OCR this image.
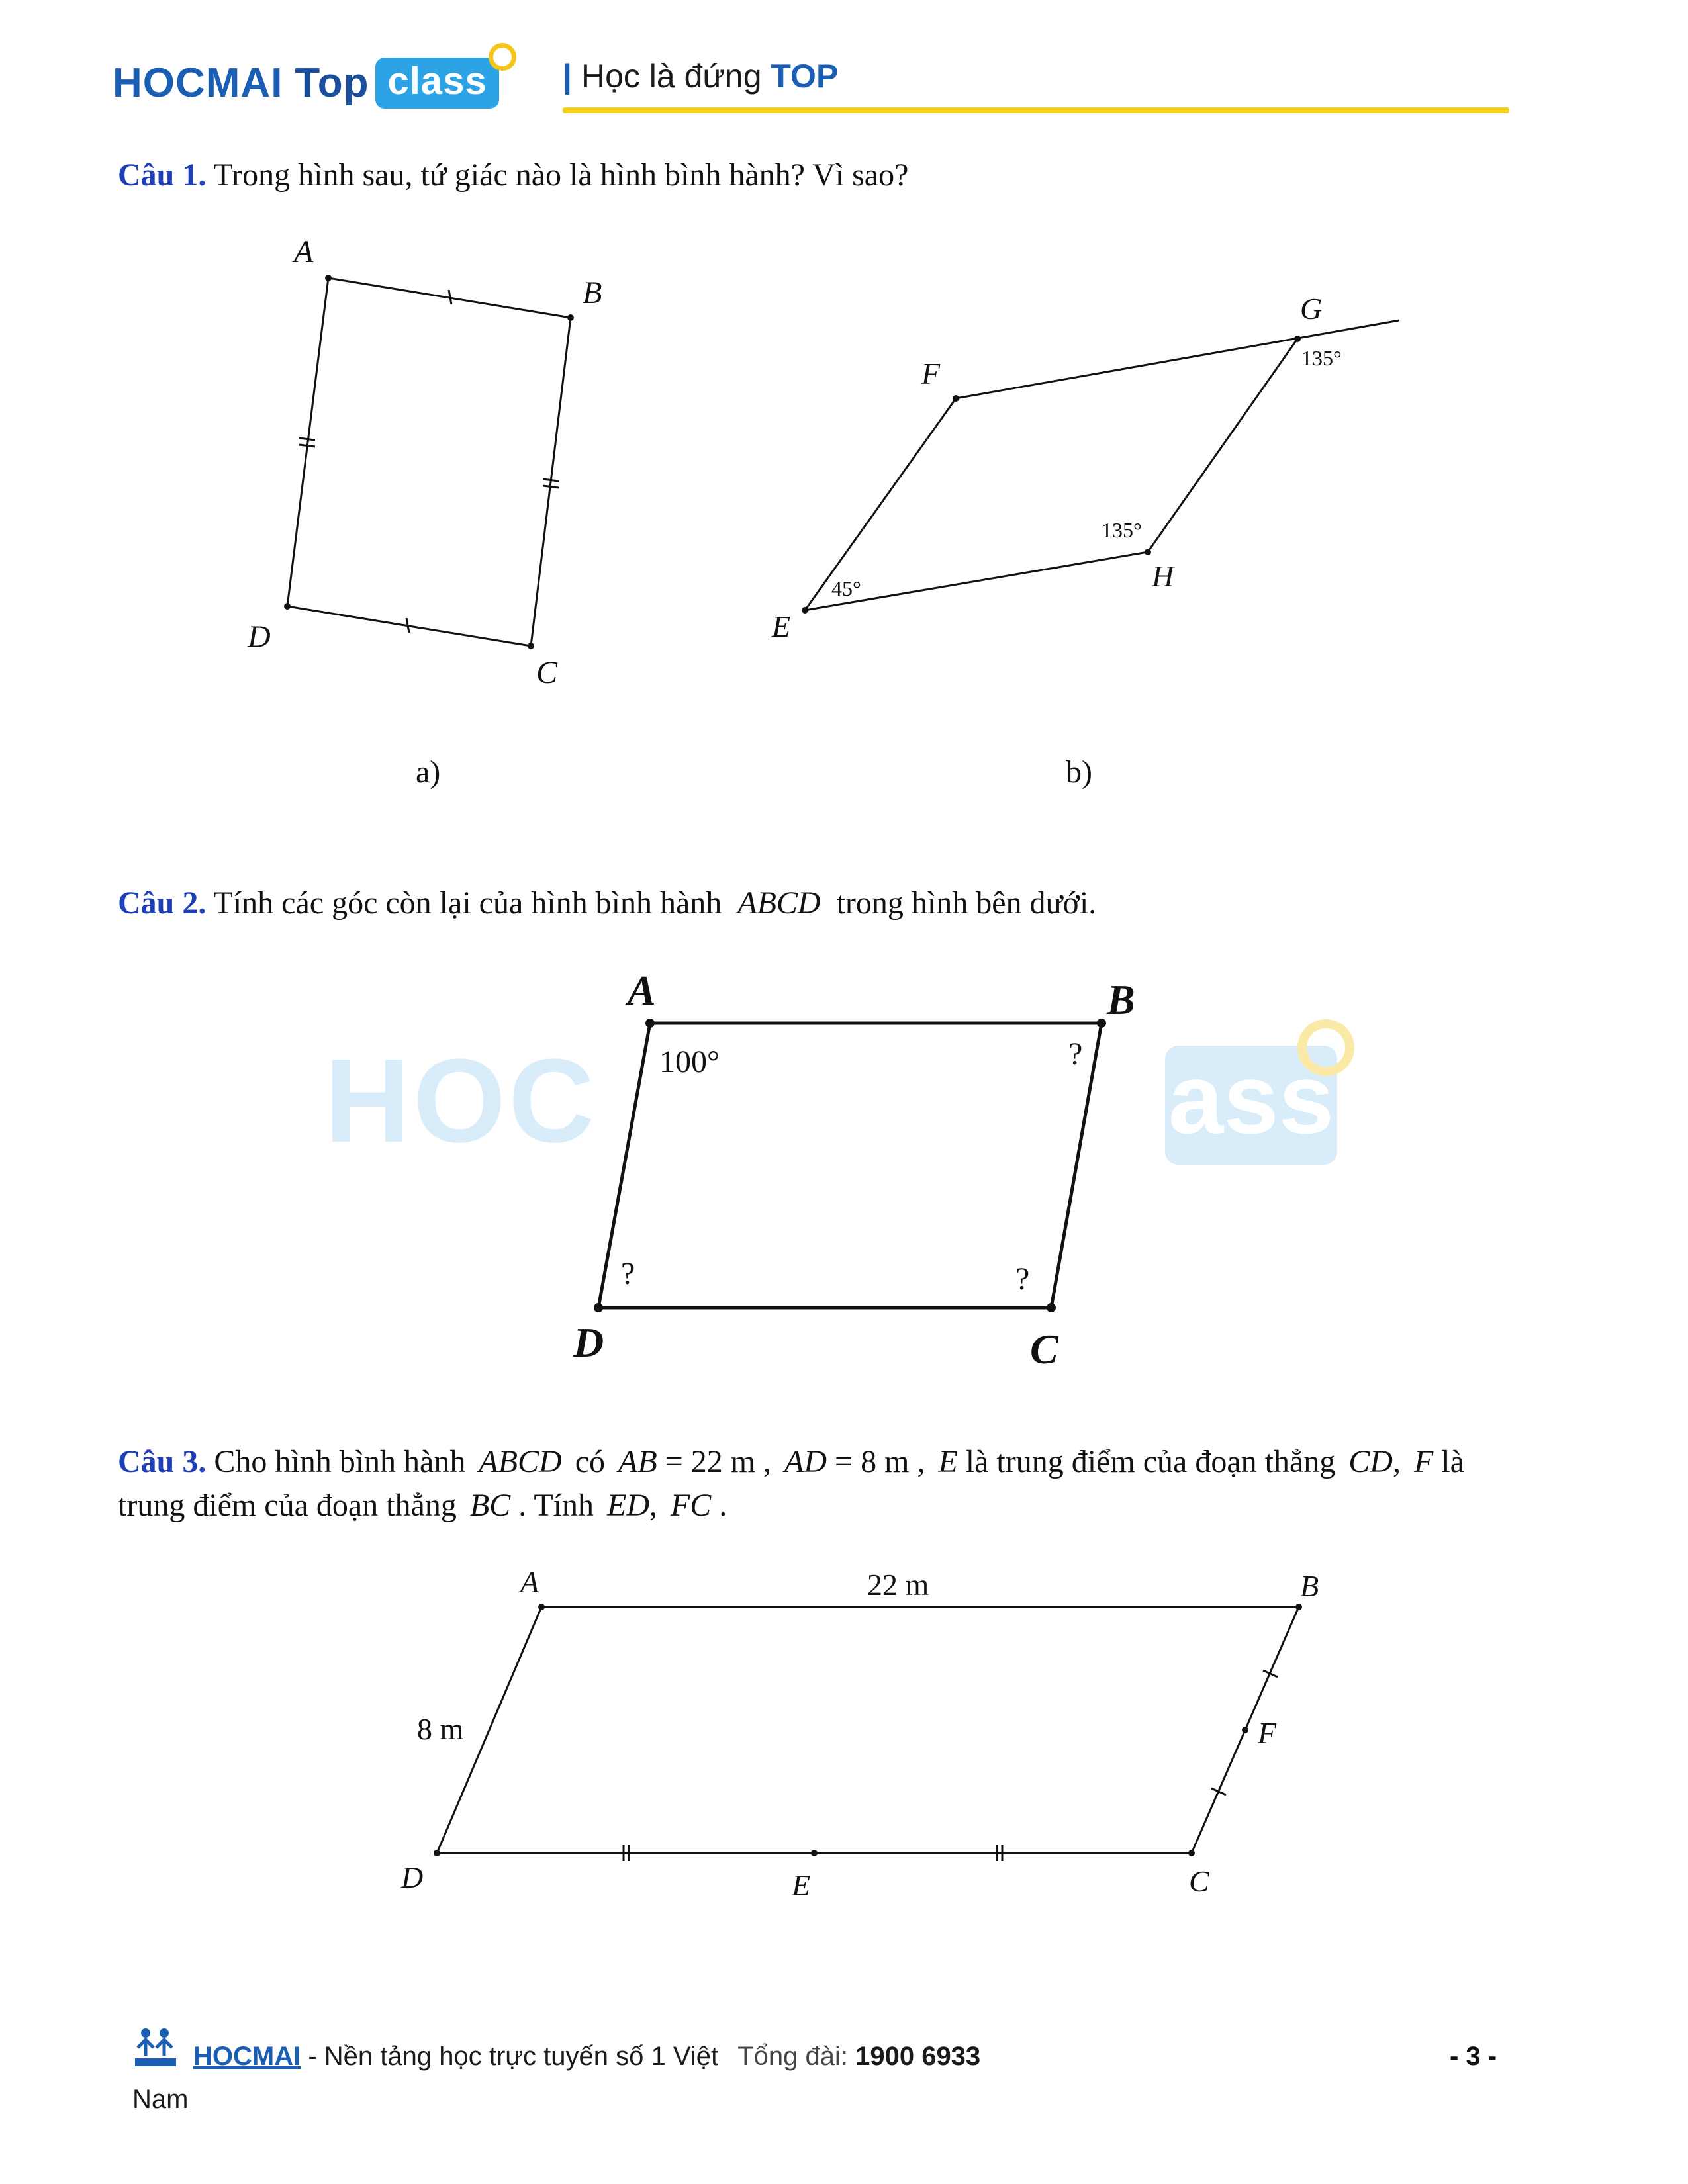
HOCMAI Top class	| Học là đứng TOP
Câu 1. Trong hình sau, tứ giác nào là hình bình hành? Vì sao?
A
B
C
D
F
G
H
E
135°
135°
45°
a)	b)
Câu 2. Tính các góc còn lại của hình bình hành ABCD trong hình bên dưới.
HOC	ass
A	B
C
D
100°	?
?
?
Câu 3. Cho hình bình hành ABCD có AB = 22 m , AD = 8 m , E là trung điểm của đoạn thẳng CD, F là
trung điểm của đoạn thẳng BC . Tính ED, FC .
A	B
C
D	E
F
22 m
8 m
HOCMAI - Nền tảng học trực tuyến số 1 Việt Tổng đài: 1900 6933
Nam
- 3 -
